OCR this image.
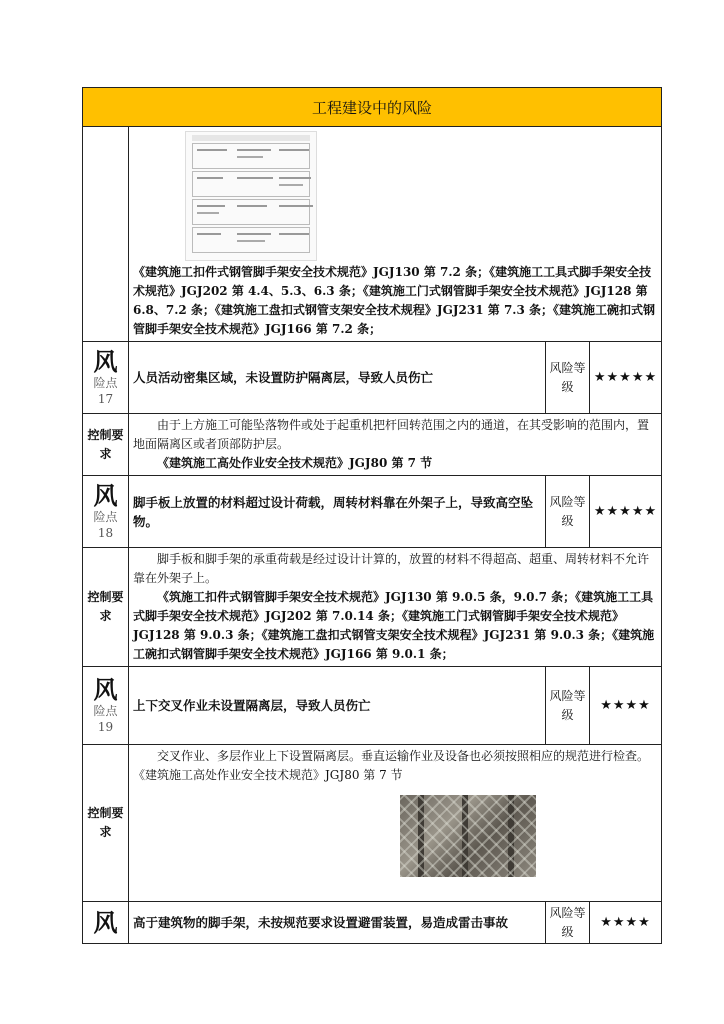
工程建设中的风险			

	《建筑施工扣件式钢管脚手架安全技术规范》JGJ130 第 7.2 条；《建筑施工工具式脚手架安全技术规范》JGJ202 第 4.4、5.3、6.3 条；《建筑施工门式钢管脚手架安全技术规范》JGJ128 第 6.8、7.2 条；《建筑施工盘扣式钢管支架安全技术规程》JGJ231 第 7.3 条；《建筑施工碗扣式钢管脚手架安全技术规范》JGJ166 第 7.2 条；		

风
险点
17	人员活动密集区域，未设置防护隔离层，导致人员伤亡	风险等级	★★★★★
控制要求	由于上方施工可能坠落物件或处于起重机把杆回转范围之内的通道，在其受影响的范围内，置地面隔离区或者顶部防护层。
《建筑施工高处作业安全技术规范》JGJ80 第 7 节		

风
险点
18	脚手板上放置的材料超过设计荷载，周转材料靠在外架子上，导致高空坠物。	风险等级	★★★★★
控制要求	脚手板和脚手架的承重荷载是经过设计计算的，放置的材料不得超高、超重、周转材料不允许靠在外架子上。
《筑施工扣件式钢管脚手架安全技术规范》JGJ130 第 9.0.5 条，9.0.7 条；《建筑施工工具式脚手架安全技术规范》JGJ202 第 7.0.14 条；《建筑施工门式钢管脚手架安全技术规范》JGJ128 第 9.0.3 条；《建筑施工盘扣式钢管支架安全技术规程》JGJ231 第 9.0.3 条；《建筑施工碗扣式钢管脚手架安全技术规范》JGJ166 第 9.0.1 条；		

风
险点
19	上下交叉作业未设置隔离层，导致人员伤亡	风险等级	★★★★
控制要求	交叉作业、多层作业上下设置隔离层。垂直运输作业及设备也必须按照相应的规范进行检查。《建筑施工高处作业安全技术规范》JGJ80 第 7 节		

风	高于建筑物的脚手架，未按规范要求设置避雷装置，易造成雷击事故	风险等级	★★★★
